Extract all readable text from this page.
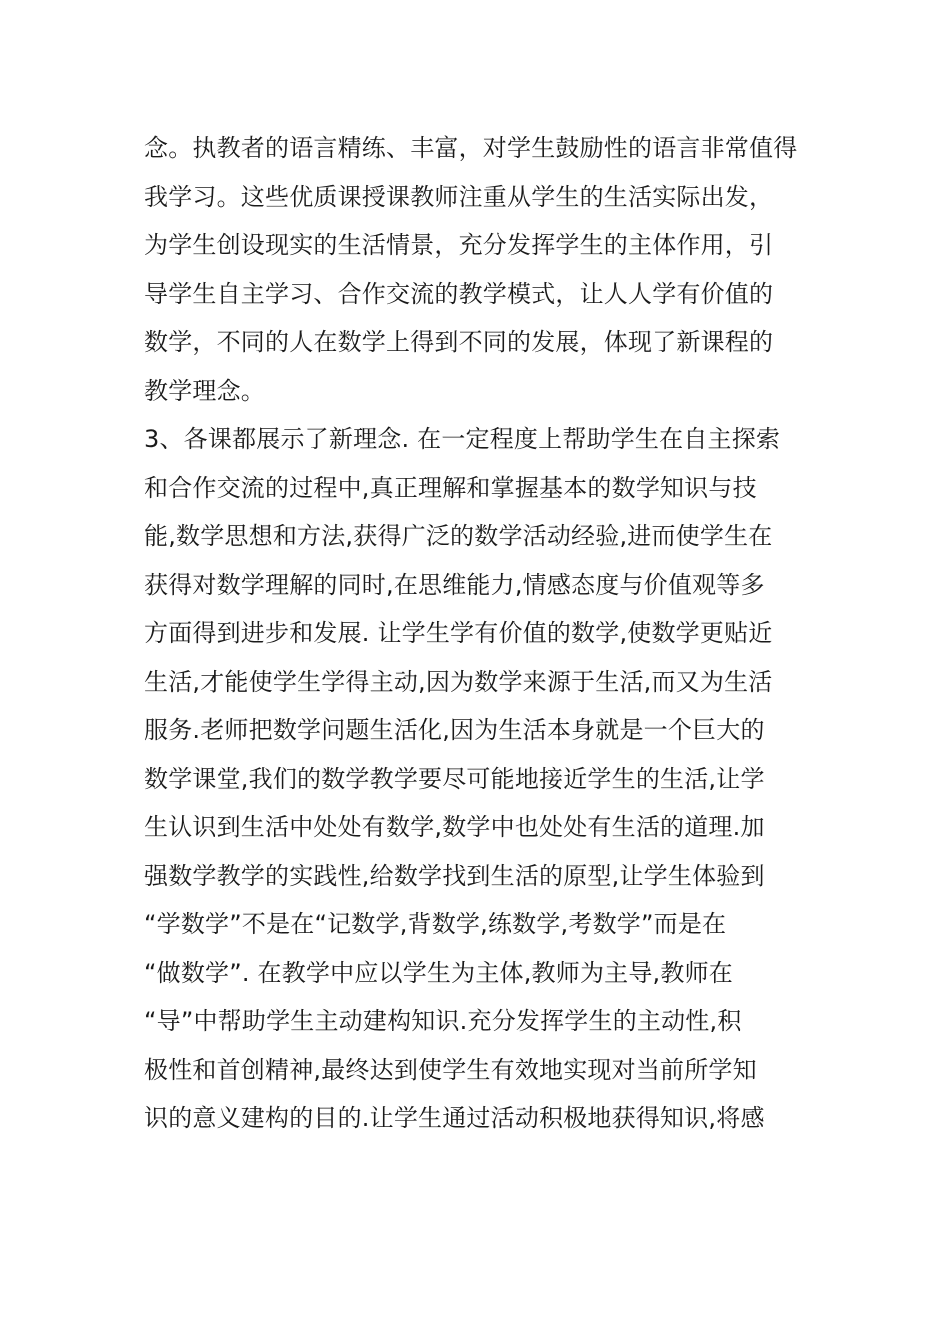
念。执教者的语言精练、丰富，对学生鼓励性的语言非常值得
我学习。这些优质课授课教师注重从学生的生活实际出发，
为学生创设现实的生活情景，充分发挥学生的主体作用，引
导学生自主学习、合作交流的教学模式，让人人学有价值的
数学，不同的人在数学上得到不同的发展，体现了新课程的
教学理念。
3、各课都展示了新理念. 在一定程度上帮助学生在自主探索
和合作交流的过程中,真正理解和掌握基本的数学知识与技
能,数学思想和方法,获得广泛的数学活动经验,进而使学生在
获得对数学理解的同时,在思维能力,情感态度与价值观等多
方面得到进步和发展. 让学生学有价值的数学,使数学更贴近
生活,才能使学生学得主动,因为数学来源于生活,而又为生活
服务.老师把数学问题生活化,因为生活本身就是一个巨大的
数学课堂,我们的数学教学要尽可能地接近学生的生活,让学
生认识到生活中处处有数学,数学中也处处有生活的道理.加
强数学教学的实践性,给数学找到生活的原型,让学生体验到
“学数学”不是在“记数学,背数学,练数学,考数学”而是在
“做数学”. 在教学中应以学生为主体,教师为主导,教师在
“导”中帮助学生主动建构知识.充分发挥学生的主动性,积
极性和首创精神,最终达到使学生有效地实现对当前所学知
识的意义建构的目的.让学生通过活动积极地获得知识,将感
